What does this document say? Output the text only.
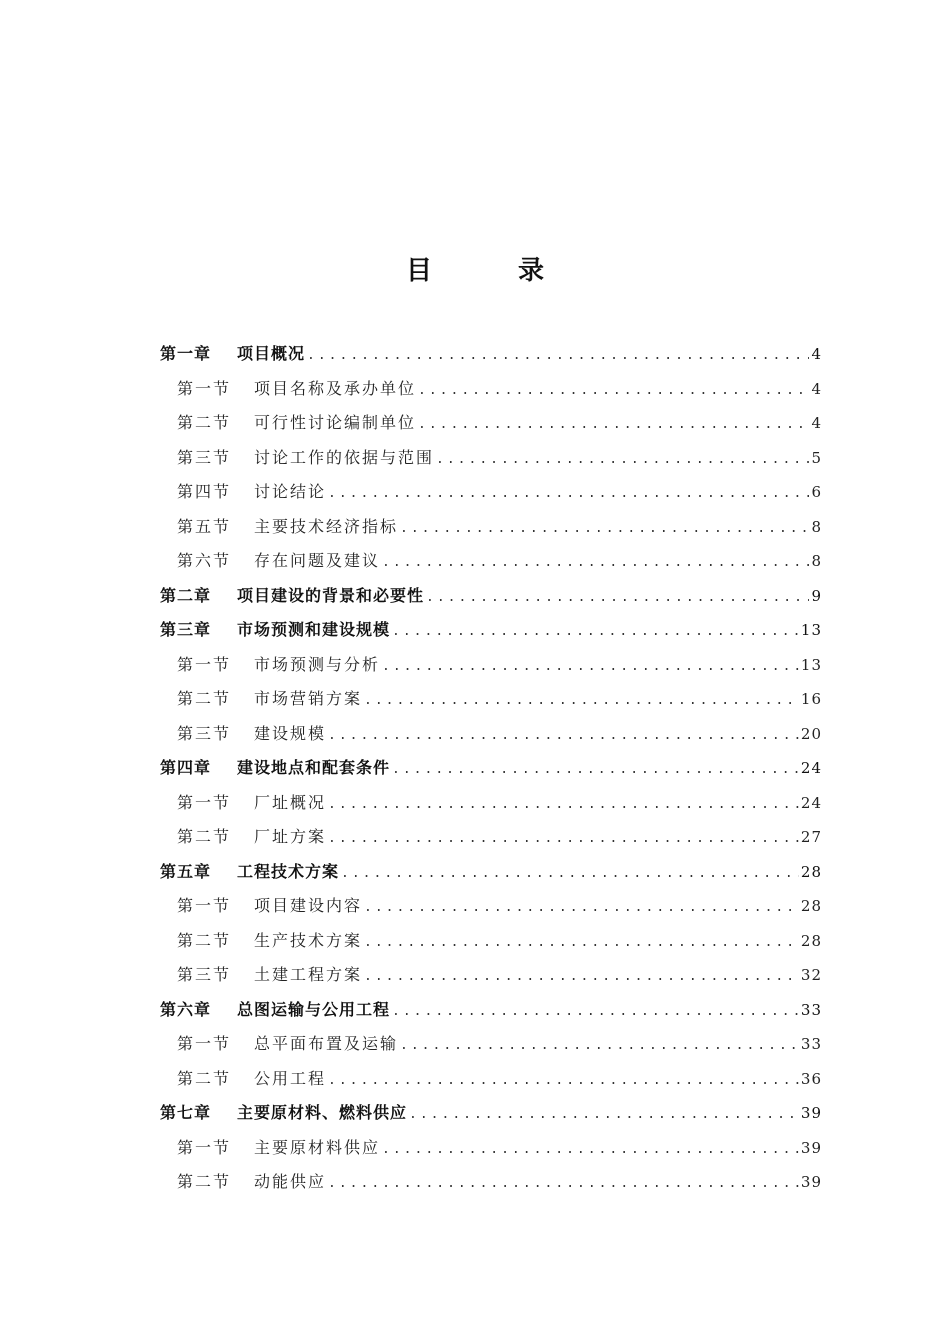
目　录
第一章	项目概况 .....	4
第一节	项目名称及承办单位 .....	4
第二节	可行性讨论编制单位 .....	4
第三节	讨论工作的依据与范围 .....	5
第四节	讨论结论 .....	6
第五节	主要技术经济指标 .....	8
第六节	存在问题及建议 .....	8
第二章	项目建设的背景和必要性 .....	9
第三章	市场预测和建设规模 .....	13
第一节	市场预测与分析 .....	13
第二节	市场营销方案 .....	16
第三节	建设规模 .....	20
第四章	建设地点和配套条件 .....	24
第一节	厂址概况 .....	24
第二节	厂址方案 .....	27
第五章	工程技术方案 .....	28
第一节	项目建设内容 .....	28
第二节	生产技术方案 .....	28
第三节	土建工程方案 .....	32
第六章	总图运输与公用工程 .....	33
第一节	总平面布置及运输 .....	33
第二节	公用工程 .....	36
第七章	主要原材料、燃料供应 .....	39
第一节	主要原材料供应 .....	39
第二节	动能供应 .....	39
